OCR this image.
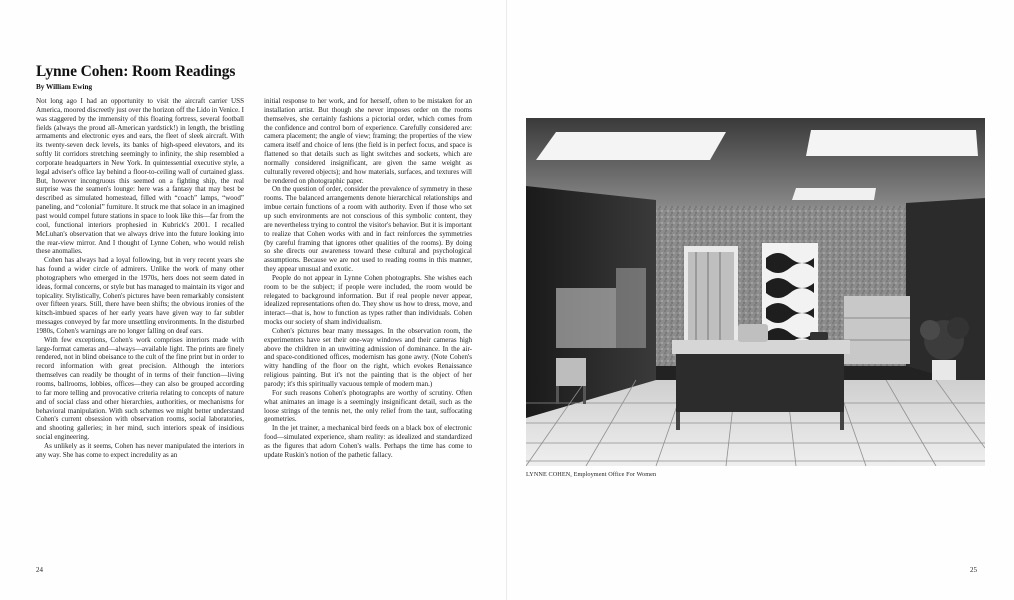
Lynne Cohen: Room Readings
By William Ewing

Not long ago I had an opportunity to visit the aircraft carrier USS America, moored discreetly just over the horizon off the Lido in Venice. I was staggered by the immensity of this floating fortress, several football fields (always the proud all-American yardstick!) in length, the bristling armaments and electronic eyes and ears, the fleet of sleek aircraft. With its twenty-seven deck levels, its banks of high-speed elevators, and its softly lit corridors stretching seemingly to infinity, the ship resembled a corporate headquarters in New York. In quintessential executive style, a legal adviser's office lay behind a floor-to-ceiling wall of curtained glass. But, however incongruous this seemed on a fighting ship, the real surprise was the seamen's lounge: here was a fantasy that may best be described as simulated homestead, filled with “coach” lamps, “wood” paneling, and “colonial” furniture. It struck me that solace in an imagined past would compel future stations in space to look like this—far from the cool, functional interiors prophesied in Kubrick's 2001. I recalled McLuhan's observation that we always drive into the future looking into the rear-view mirror. And I thought of Lynne Cohen, who would relish these anomalies.

Cohen has always had a loyal following, but in very recent years she has found a wider circle of admirers. Unlike the work of many other photographers who emerged in the 1970s, hers does not seem dated in ideas, formal concerns, or style but has managed to maintain its vigor and topicality. Stylistically, Cohen's pictures have been remarkably consistent over fifteen years. Still, there have been shifts; the obvious ironies of the kitsch-imbued spaces of her early years have given way to far subtler messages conveyed by far more unsettling environments. In the disturbed 1980s, Cohen's warnings are no longer falling on deaf ears.

With few exceptions, Cohen's work comprises interiors made with large-format cameras and—always—available light. The prints are finely rendered, not in blind obeisance to the cult of the fine print but in order to record information with great precision. Although the interiors themselves can readily be thought of in terms of their function—living rooms, ballrooms, lobbies, offices—they can also be grouped according to far more telling and provocative criteria relating to concepts of nature and of social class and other hierarchies, authorities, or mechanisms for behavioral manipulation. With such schemes we might better understand Cohen's current obsession with observation rooms, social laboratories, and shooting galleries; in her mind, such interiors speak of insidious social engineering.

As unlikely as it seems, Cohen has never manipulated the interiors in any way. She has come to expect incredulity as an

initial response to her work, and for herself, often to be mistaken for an installation artist. But though she never imposes order on the rooms themselves, she certainly fashions a pictorial order, which comes from the confidence and control born of experience. Carefully considered are: camera placement; the angle of view; framing; the properties of the view camera itself and choice of lens (the field is in perfect focus, and space is flattened so that details such as light switches and sockets, which are normally considered insignificant, are given the same weight as culturally revered objects); and how materials, surfaces, and textures will be rendered on photographic paper.

On the question of order, consider the prevalence of symmetry in these rooms. The balanced arrangements denote hierarchical relationships and imbue certain functions of a room with authority. Even if those who set up such environments are not conscious of this symbolic content, they are nevertheless trying to control the visitor's behavior. But it is important to realize that Cohen works with and in fact reinforces the symmetries (by careful framing that ignores other qualities of the rooms). By doing so she directs our awareness toward these cultural and psychological assumptions. Because we are not used to reading rooms in this manner, they appear unusual and exotic.

People do not appear in Lynne Cohen photographs. She wishes each room to be the subject; if people were included, the room would be relegated to background information. But if real people never appear, idealized representations often do. They show us how to dress, move, and interact—that is, how to function as types rather than individuals. Cohen mocks our society of sham individualism.

Cohen's pictures bear many messages. In the observation room, the experimenters have set their one-way windows and their cameras high above the children in an unwitting admission of dominance. In the air- and space-conditioned offices, modernism has gone awry. (Note Cohen's witty handling of the floor on the right, which evokes Renaissance religious painting. But it's not the painting that is the object of her parody; it's this spiritually vacuous temple of modern man.)

For such reasons Cohen's photographs are worthy of scrutiny. Often what animates an image is a seemingly insignificant detail, such as the loose strings of the tennis net, the only relief from the taut, suffocating geometries.

In the jet trainer, a mechanical bird feeds on a black box of electronic food—simulated experience, sham reality: as idealized and standardized as the figures that adorn Cohen's walls. Perhaps the time has come to update Ruskin's notion of the pathetic fallacy.

LYNNE COHEN, Employment Office For Women
24	25
